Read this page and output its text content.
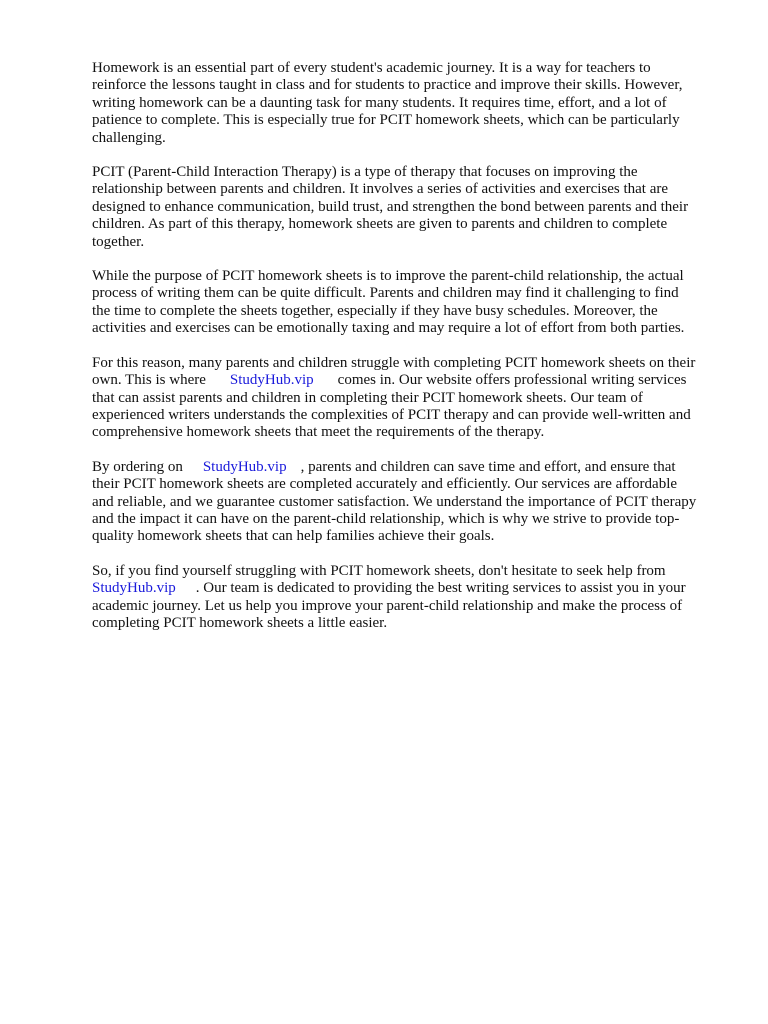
Homework is an essential part of every student's academic journey. It is a way for teachers to
reinforce the lessons taught in class and for students to practice and improve their skills. However,
writing homework can be a daunting task for many students. It requires time, effort, and a lot of
patience to complete. This is especially true for PCIT homework sheets, which can be particularly
challenging.

PCIT (Parent-Child Interaction Therapy) is a type of therapy that focuses on improving the
relationship between parents and children. It involves a series of activities and exercises that are
designed to enhance communication, build trust, and strengthen the bond between parents and their
children. As part of this therapy, homework sheets are given to parents and children to complete
together.

While the purpose of PCIT homework sheets is to improve the parent-child relationship, the actual
process of writing them can be quite difficult. Parents and children may find it challenging to find
the time to complete the sheets together, especially if they have busy schedules. Moreover, the
activities and exercises can be emotionally taxing and may require a lot of effort from both parties.

For this reason, many parents and children struggle with completing PCIT homework sheets on their
own. This is where StudyHub.vip comes in. Our website offers professional writing services
that can assist parents and children in completing their PCIT homework sheets. Our team of
experienced writers understands the complexities of PCIT therapy and can provide well-written and
comprehensive homework sheets that meet the requirements of the therapy.

By ordering on StudyHub.vip , parents and children can save time and effort, and ensure that
their PCIT homework sheets are completed accurately and efficiently. Our services are affordable
and reliable, and we guarantee customer satisfaction. We understand the importance of PCIT therapy
and the impact it can have on the parent-child relationship, which is why we strive to provide top-
quality homework sheets that can help families achieve their goals.

So, if you find yourself struggling with PCIT homework sheets, don't hesitate to seek help from
StudyHub.vip . Our team is dedicated to providing the best writing services to assist you in your
academic journey. Let us help you improve your parent-child relationship and make the process of
completing PCIT homework sheets a little easier.
